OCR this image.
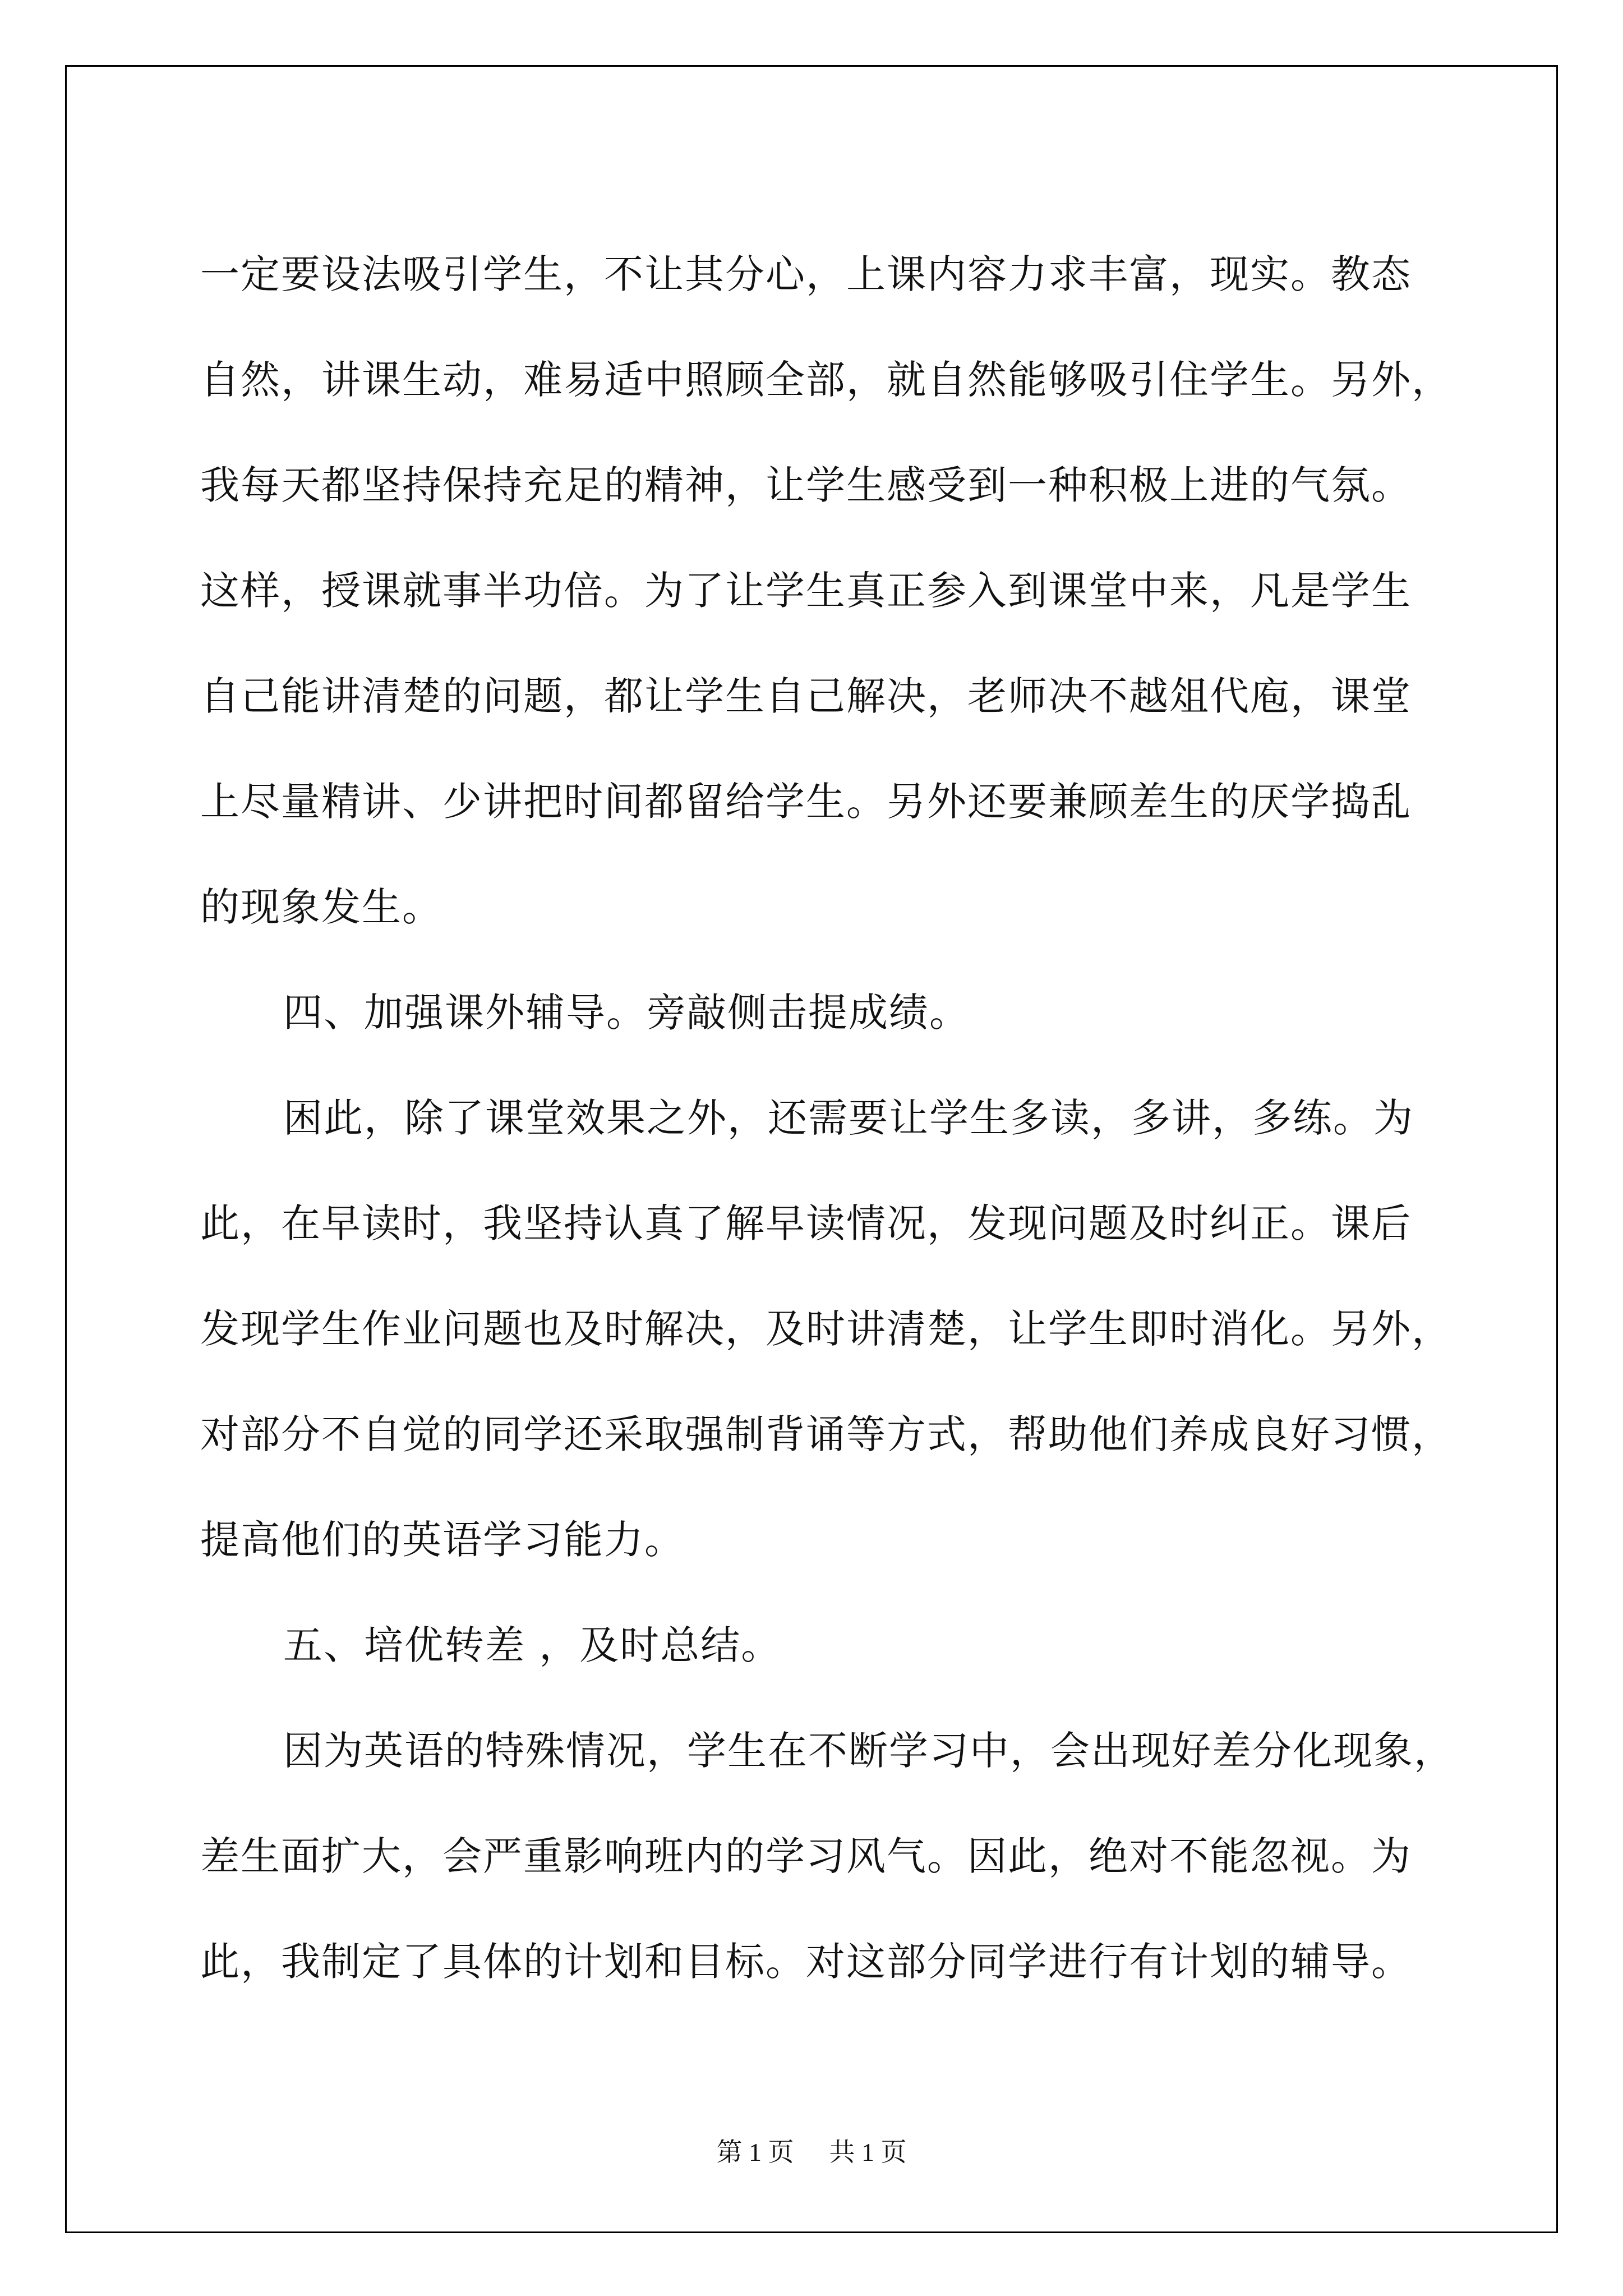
一定要设法吸引学生，不让其分心，上课内容力求丰富，现实。教态
自然，讲课生动，难易适中照顾全部，就自然能够吸引住学生。另外，
我每天都坚持保持充足的精神，让学生感受到一种积极上进的气氛。
这样，授课就事半功倍。为了让学生真正参入到课堂中来，凡是学生
自己能讲清楚的问题，都让学生自己解决，老师决不越俎代庖，课堂
上尽量精讲、少讲把时间都留给学生。另外还要兼顾差生的厌学捣乱
的现象发生。

四、加强课外辅导。旁敲侧击提成绩。

困此，除了课堂效果之外，还需要让学生多读，多讲，多练。为
此，在早读时，我坚持认真了解早读情况，发现问题及时纠正。课后
发现学生作业问题也及时解决，及时讲清楚，让学生即时消化。另外，
对部分不自觉的同学还采取强制背诵等方式，帮助他们养成良好习惯，
提高他们的英语学习能力。

五、培优转差 ，及时总结。

因为英语的特殊情况，学生在不断学习中，会出现好差分化现象，
差生面扩大，会严重影响班内的学习风气。因此，绝对不能忽视。为
此，我制定了具体的计划和目标。对这部分同学进行有计划的辅导。

第 1 页 共 1 页
